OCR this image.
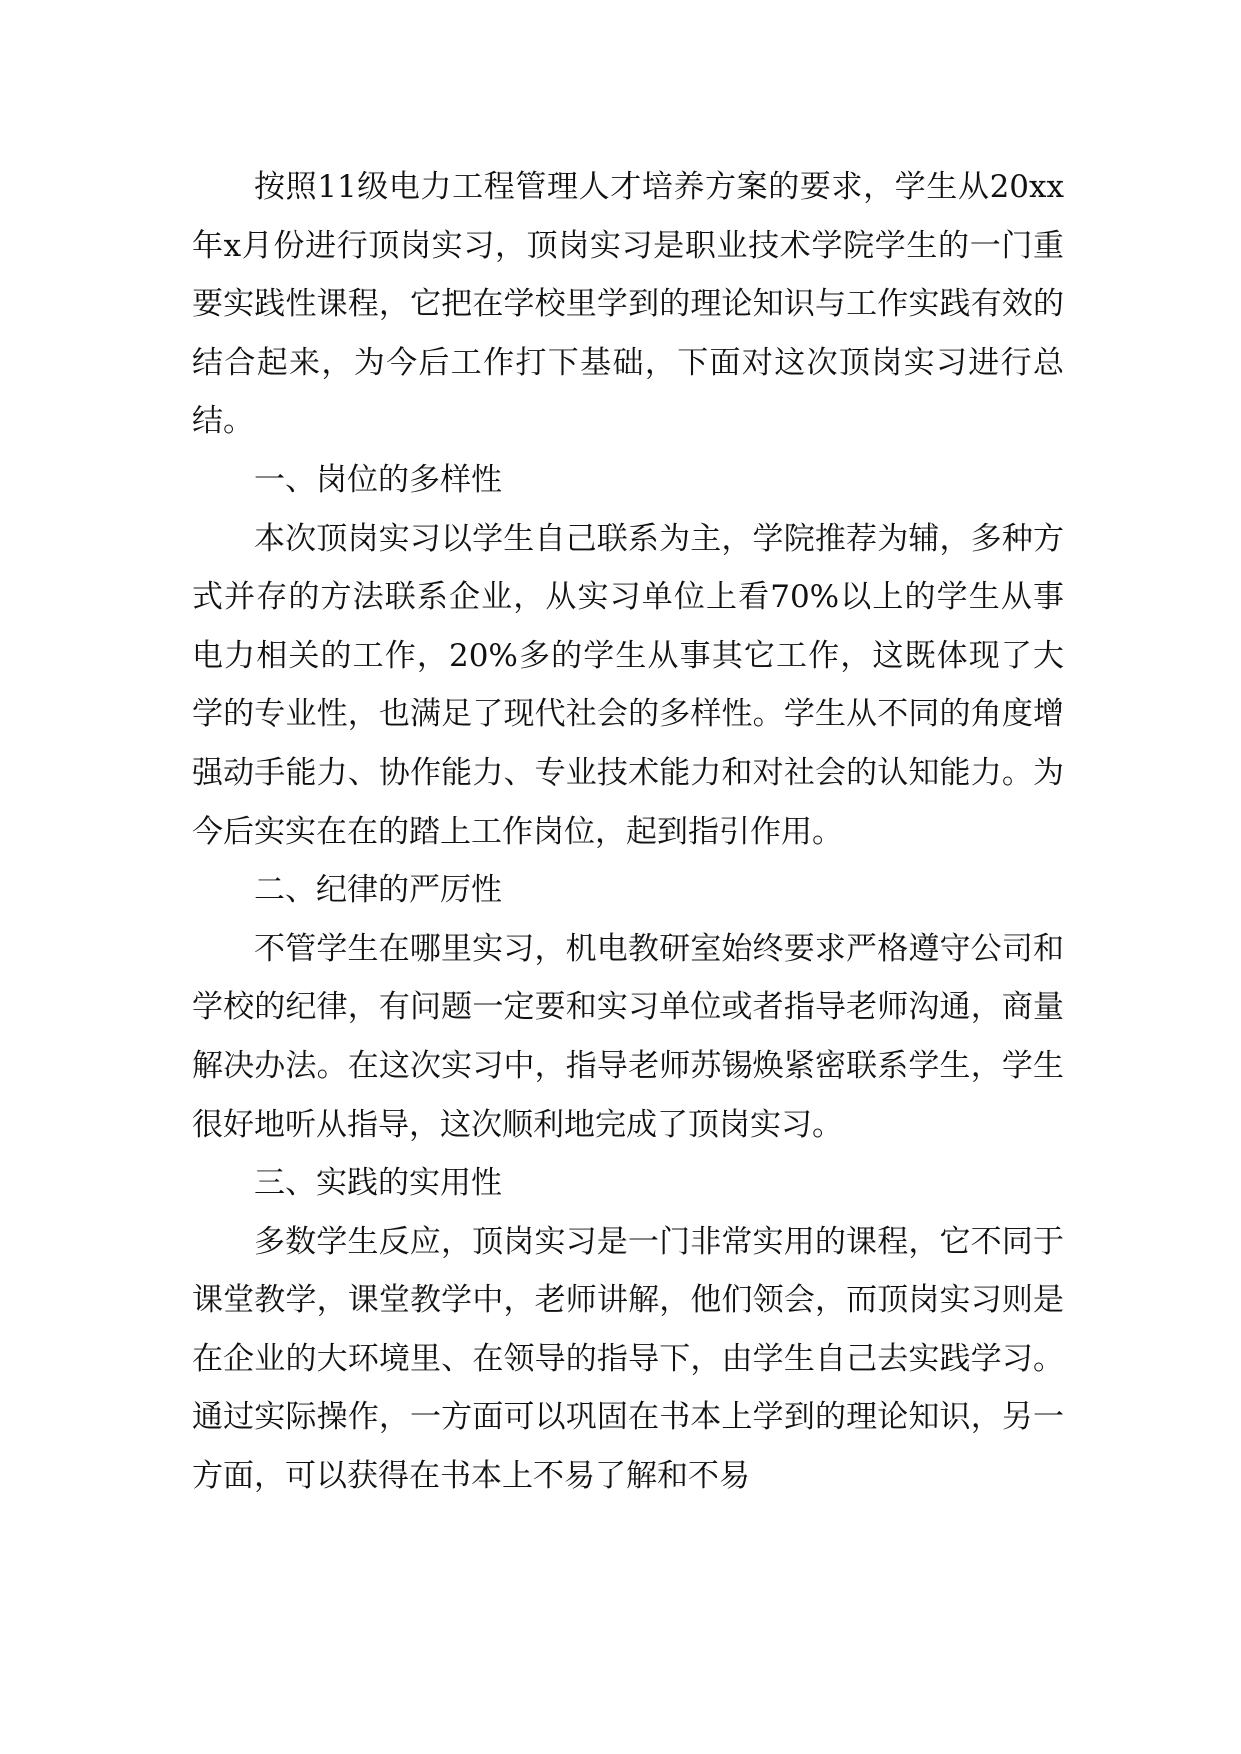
按照11级电力工程管理人才培养方案的要求，学生从20xx年x月份进行顶岗实习，顶岗实习是职业技术学院学生的一门重要实践性课程，它把在学校里学到的理论知识与工作实践有效的结合起来，为今后工作打下基础，下面对这次顶岗实习进行总结。

一、岗位的多样性

本次顶岗实习以学生自己联系为主，学院推荐为辅，多种方式并存的方法联系企业，从实习单位上看70%以上的学生从事电力相关的工作，20%多的学生从事其它工作，这既体现了大学的专业性，也满足了现代社会的多样性。学生从不同的角度增强动手能力、协作能力、专业技术能力和对社会的认知能力。为今后实实在在的踏上工作岗位，起到指引作用。

二、纪律的严厉性

不管学生在哪里实习，机电教研室始终要求严格遵守公司和学校的纪律，有问题一定要和实习单位或者指导老师沟通，商量解决办法。在这次实习中，指导老师苏锡焕紧密联系学生，学生很好地听从指导，这次顺利地完成了顶岗实习。

三、实践的实用性

多数学生反应，顶岗实习是一门非常实用的课程，它不同于课堂教学，课堂教学中，老师讲解，他们领会，而顶岗实习则是在企业的大环境里、在领导的指导下，由学生自己去实践学习。通过实际操作，一方面可以巩固在书本上学到的理论知识，另一方面，可以获得在书本上不易了解和不易
